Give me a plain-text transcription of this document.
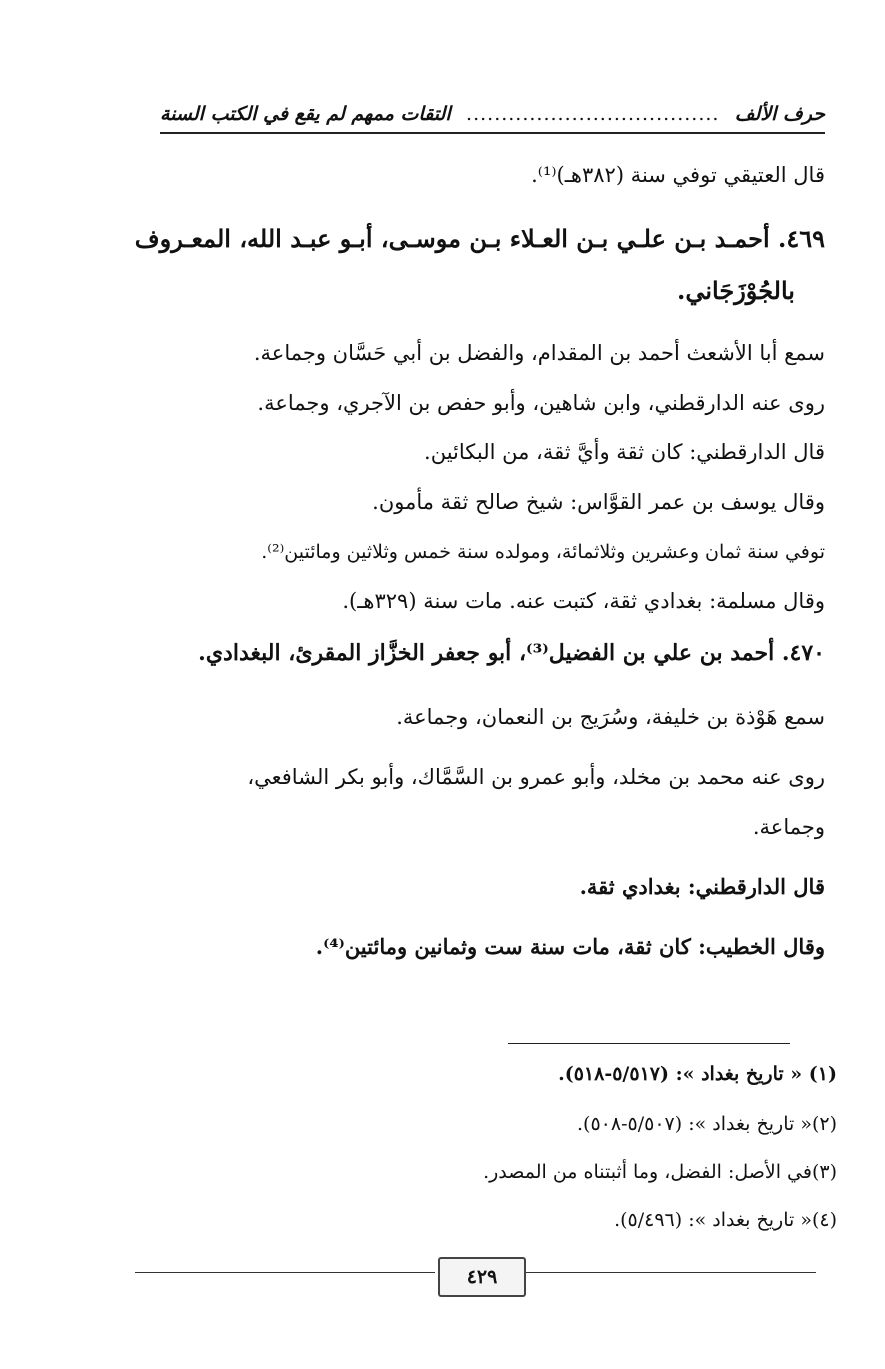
حرف الألف
....................................
التقات ممهم لم يقع في الكتب السنة
قال العتيقي توفي سنة (٣٨٢هـ)⁽¹⁾.
٤٦٩. أحمـد بـن علـي بـن العـلاء بـن موسـى، أبـو عبـد الله، المعـروف
بالجُوْزَجَاني.
سمع أبا الأشعث أحمد بن المقدام، والفضل بن أبي حَسَّان وجماعة.
روى عنه الدارقطني، وابن شاهين، وأبو حفص بن الآجري، وجماعة.
قال الدارقطني: كان ثقة وأيَّ ثقة، من البكائين.
وقال يوسف بن عمر القوَّاس: شيخ صالح ثقة مأمون.
توفي سنة ثمان وعشرين وثلاثمائة، ومولده سنة خمس وثلاثين ومائتين⁽²⁾.
وقال مسلمة: بغدادي ثقة، كتبت عنه. مات سنة (٣٢٩هـ).
٤٧٠. أحمد بن علي بن الفضيل⁽³⁾، أبو جعفر الخزَّاز المقرئ، البغدادي.
سمع هَوْذة بن خليفة، وسُرَيج بن النعمان، وجماعة.
روى عنه محمد بن مخلد، وأبو عمرو بن السَّمَّاك، وأبو بكر الشافعي،
وجماعة.
قال الدارقطني: بغدادي ثقة.
وقال الخطيب: كان ثقة، مات سنة ست وثمانين ومائتين⁽⁴⁾.
(١) « تاريخ بغداد »: (٥/٥١٧-٥١٨).
(٢)« تاريخ بغداد »: (٥/٥٠٧-٥٠٨).
(٣)في الأصل: الفضل، وما أثبتناه من المصدر.
(٤)« تاريخ بغداد »: (٥/٤٩٦).
٤٢٩
